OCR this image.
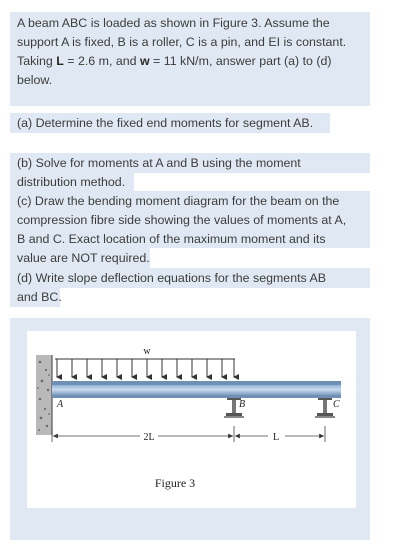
A beam ABC is loaded as shown in Figure 3. Assume the
support A is fixed, B is a roller, C is a pin, and EI is constant.
Taking L = 2.6 m, and w = 11 kN/m, answer part (a) to (d)
below.
(a) Determine the fixed end moments for segment AB.
(b) Solve for moments at A and B using the moment
distribution method.
(c) Draw the bending moment diagram for the beam on the
compression fibre side showing the values of moments at A,
B and C. Exact location of the maximum moment and its
value are NOT required.
(d) Write slope deflection equations for the segments AB
and BC.
w
A	B	C
2L	L
Figure 3
